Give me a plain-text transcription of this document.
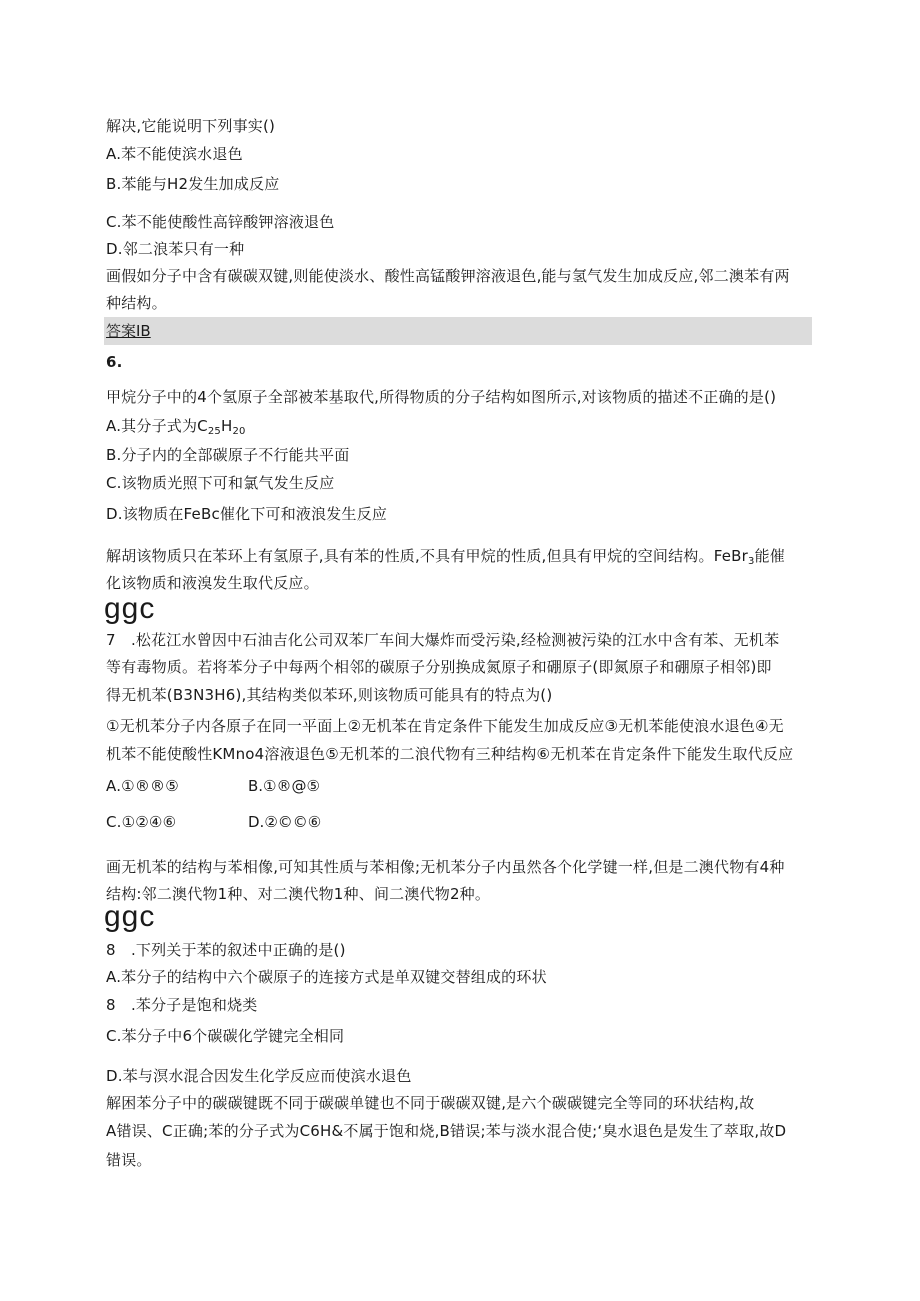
解决,它能说明下列事实()
A.苯不能使滨水退色
B.苯能与H2发生加成反应
C.苯不能使酸性高锌酸钾溶液退色
D.邻二浪苯只有一种
画假如分子中含有碳碳双键,则能使淡水、酸性高锰酸钾溶液退色,能与氢气发生加成反应,邻二澳苯有两
种结构。
答案IB
6.
甲烷分子中的4个氢原子全部被苯基取代,所得物质的分子结构如图所示,对该物质的描述不正确的是()
A.其分子式为$C_{25}H_{20}$
B.分子内的全部碳原子不行能共平面
C.该物质光照下可和氯气发生反应
D.该物质在FeBc催化下可和液浪发生反应
解胡该物质只在苯环上有氢原子,具有苯的性质,不具有甲烷的性质,但具有甲烷的空间结构。FeBr$_3$能催
化该物质和液溴发生取代反应。
ggc
7　.松花江水曾因中石油吉化公司双苯厂车间大爆炸而受污染,经检测被污染的江水中含有苯、无机苯
等有毒物质。若将苯分子中每两个相邻的碳原子分别换成氮原子和硼原子(即氮原子和硼原子相邻)即
得无机苯(B3N3H6),其结构类似苯环,则该物质可能具有的特点为()
①无机苯分子内各原子在同一平面上②无机苯在肯定条件下能发生加成反应③无机苯能使浪水退色④无
机苯不能使酸性KMno4溶液退色⑤无机苯的二浪代物有三种结构⑥无机苯在肯定条件下能发生取代反应
A.①®®⑤	B.①®@⑤
C.①②④⑥	D.②©©⑥
画无机苯的结构与苯相像,可知其性质与苯相像;无机苯分子内虽然各个化学键一样,但是二澳代物有4种
结构:邻二澳代物1种、对二澳代物1种、间二澳代物2种。
ggc
8　.下列关于苯的叙述中正确的是()
A.苯分子的结构中六个碳原子的连接方式是单双键交替组成的环状
8　.苯分子是饱和烧类
C.苯分子中6个碳碳化学键完全相同
D.苯与溟水混合因发生化学反应而使滨水退色
解困苯分子中的碳碳键既不同于碳碳单键也不同于碳碳双键,是六个碳碳键完全等同的环状结构,故
A错误、C正确;苯的分子式为C6H&不属于饱和烧,B错误;苯与淡水混合使;‘臭水退色是发生了萃取,故D
错误。
